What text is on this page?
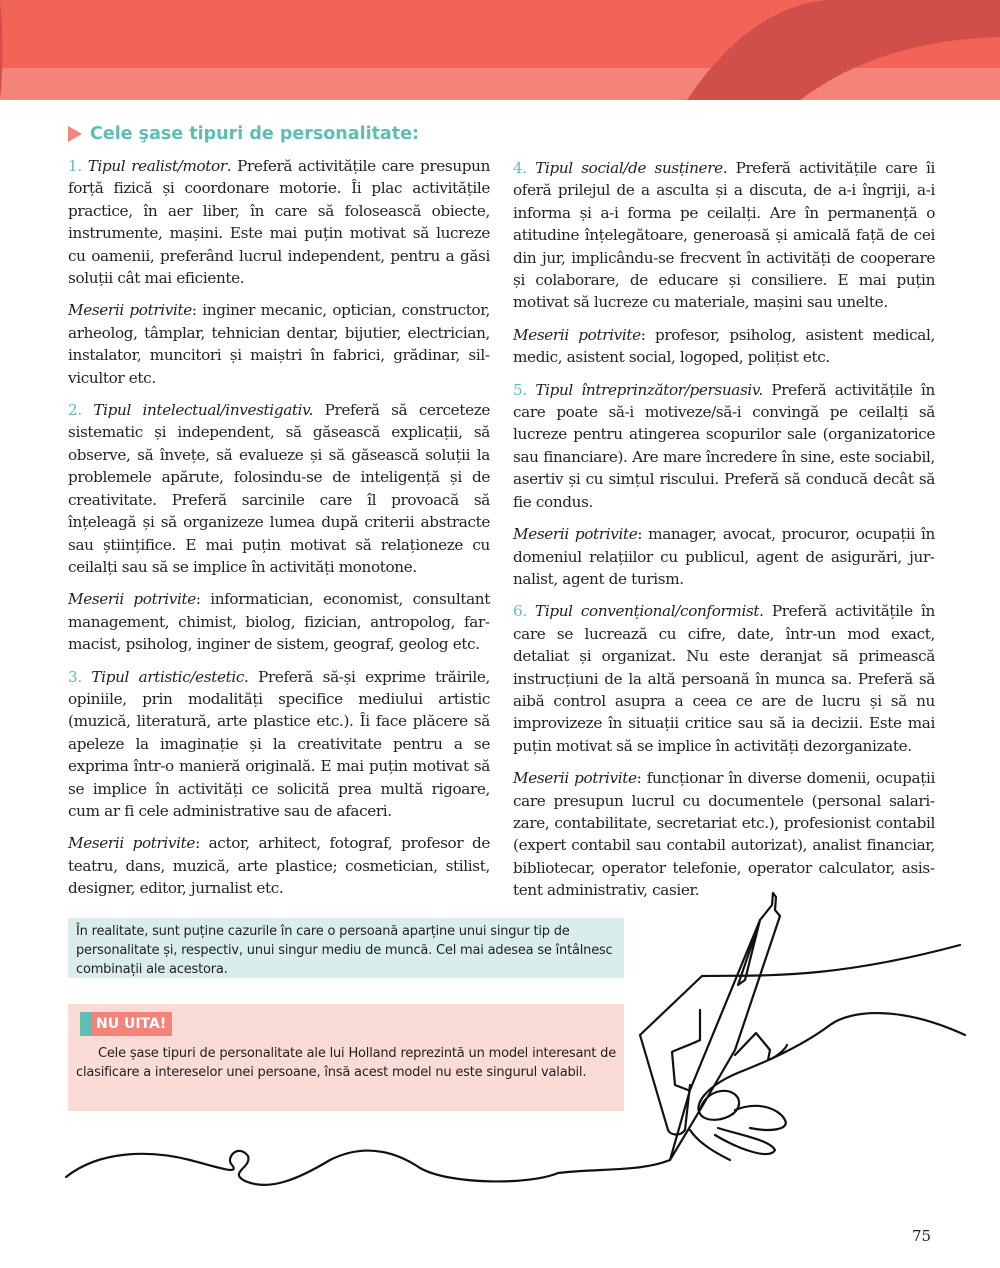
Cele şase tipuri de personalitate:

1. Tipul realist/motor. Preferă activitățile care presupun forță fizică și coordonare motorie. Îi plac activitățile practice, în aer liber, în care să folosească obiecte, instrumente, mașini. Este mai puțin motivat să lucreze cu oamenii, preferând lucrul independent, pentru a găsi soluții cât mai eficiente.

Meserii potrivite: inginer mecanic, optician, constructor, arheolog, tâmplar, tehnician dentar, bijutier, electrician, instalator, muncitori și maiștri în fabrici, grădinar, silvicultor etc.

2. Tipul intelectual/investigativ. Preferă să cerceteze sistematic și independent, să găsească explicații, să observe, să învețe, să evalueze și să găsească soluții la problemele apărute, folosindu-se de inteligență și de creativitate. Preferă sarcinile care îl provoacă să înțeleagă și să organizeze lumea după criterii abstracte sau științifice. E mai puțin motivat să relaționeze cu ceilalți sau să se implice în activități monotone.

Meserii potrivite: informatician, economist, consultant management, chimist, biolog, fizician, antropolog, farmacist, psiholog, inginer de sistem, geograf, geolog etc.

3. Tipul artistic/estetic. Preferă să-și exprime trăirile, opiniile, prin modalități specifice mediului artistic (muzică, literatură, arte plastice etc.). Îi face plăcere să apeleze la imaginație și la creativitate pentru a se exprima într-o manieră originală. E mai puțin motivat să se implice în activități ce solicită prea multă rigoare, cum ar fi cele administrative sau de afaceri.

Meserii potrivite: actor, arhitect, fotograf, profesor de teatru, dans, muzică, arte plastice; cosmetician, stilist, designer, editor, jurnalist etc.

4. Tipul social/de susținere. Preferă activitățile care îi oferă prilejul de a asculta și a discuta, de a-i îngriji, a-i informa și a-i forma pe ceilalți. Are în permanență o atitudine înțelegătoare, generoasă și amicală față de cei din jur, implicându-se frecvent în activități de cooperare și colaborare, de educare și consiliere. E mai puțin motivat să lucreze cu materiale, mașini sau unelte.

Meserii potrivite: profesor, psiholog, asistent medical, medic, asistent social, logoped, polițist etc.

5. Tipul întreprinzător/persuasiv. Preferă activitățile în care poate să-i motiveze/să-i convingă pe ceilalți să lucreze pentru atingerea scopurilor sale (organizatorice sau financiare). Are mare încredere în sine, este sociabil, asertiv și cu simțul riscului. Preferă să conducă decât să fie condus.

Meserii potrivite: manager, avocat, procuror, ocupații în domeniul relațiilor cu publicul, agent de asigurări, jurnalist, agent de turism.

6. Tipul convențional/conformist. Preferă activitățile în care se lucrează cu cifre, date, într-un mod exact, detaliat și organizat. Nu este deranjat să primească instrucțiuni de la altă persoană în munca sa. Preferă să aibă control asupra a ceea ce are de lucru și să nu improvizeze în situații critice sau să ia decizii. Este mai puțin motivat să se implice în activități dezorganizate.

Meserii potrivite: funcționar în diverse domenii, ocupații care presupun lucrul cu documentele (personal salarizare, contabilitate, secretariat etc.), profesionist contabil (expert contabil sau contabil autorizat), analist financiar, bibliotecar, operator telefonie, operator calculator, asistent administrativ, casier.

În realitate, sunt puține cazurile în care o persoană aparține unui singur tip de personalitate și, respectiv, unui singur mediu de muncă. Cel mai adesea se întâlnesc combinații ale acestora.
NU UITA!
Cele șase tipuri de personalitate ale lui Holland reprezintă un model interesant de clasificare a intereselor unei persoane, însă acest model nu este singurul valabil.
75
